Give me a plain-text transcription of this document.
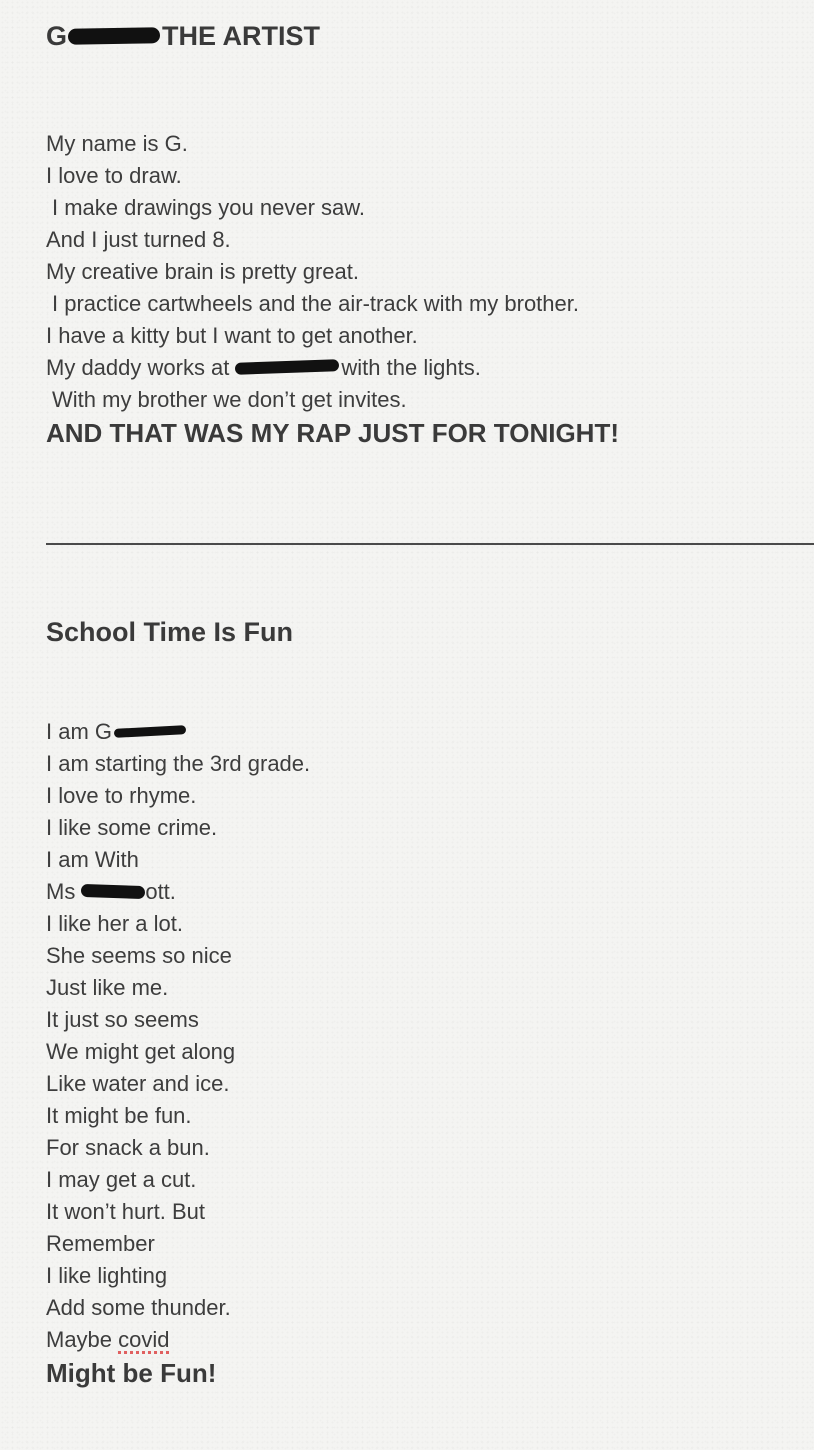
G	THE ARTIST
My name is G.
I love to draw.
I make drawings you never saw.
And I just turned 8.
My creative brain is pretty great.
I practice cartwheels and the air-track with my brother.
I have a kitty but I want to get another.
My daddy works at	with the lights.
With my brother we don’t get invites.
AND THAT WAS MY RAP JUST FOR TONIGHT!
School Time Is Fun
I am G
I am starting the 3rd grade.
I love to rhyme.
I like some crime.
I am With
Ms	ott.
I like her a lot.
She seems so nice
Just like me.
It just so seems
We might get along
Like water and ice.
It might be fun.
For snack a bun.
I may get a cut.
It won’t hurt. But
Remember
I like lighting
Add some thunder.
Maybe covid
Might be Fun!
